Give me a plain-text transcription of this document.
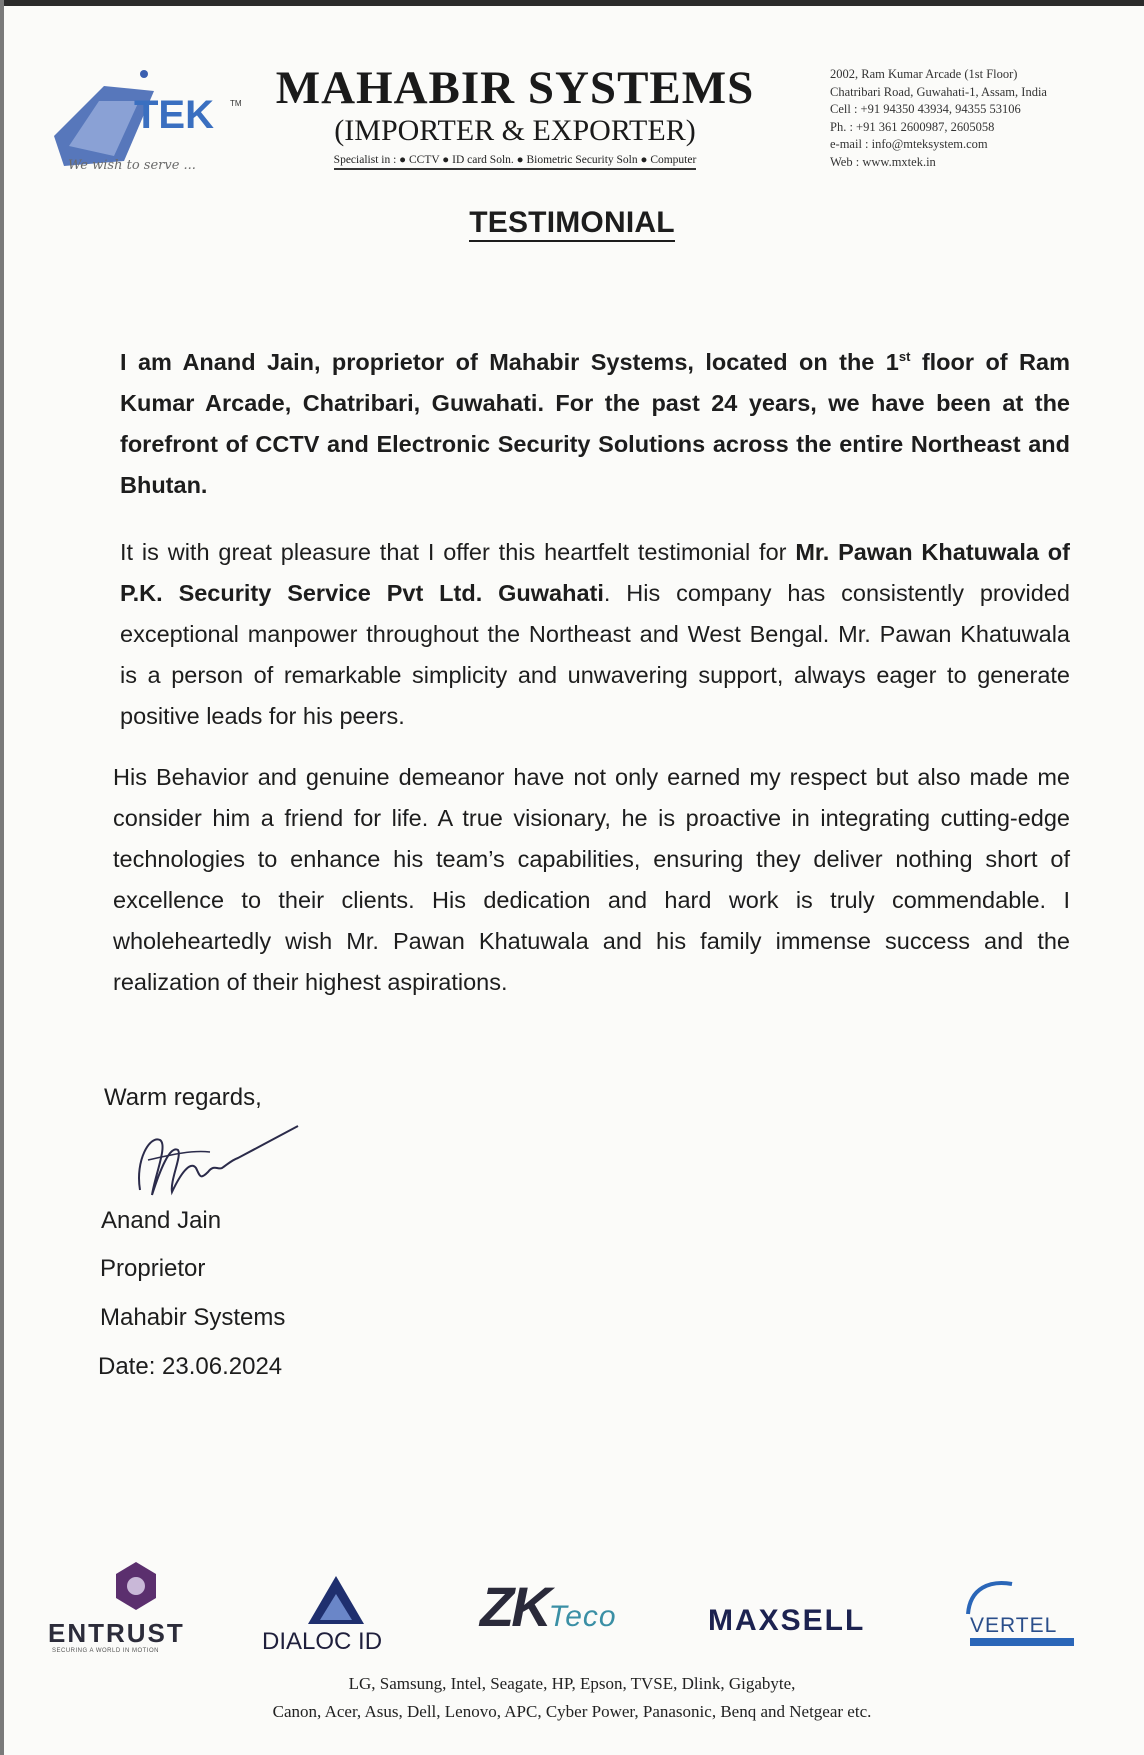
TEK TM
We wish to serve ...
MAHABIR SYSTEMS
(IMPORTER & EXPORTER)
Specialist in : ● CCTV ● ID card Soln. ● Biometric Security Soln ● Computer
2002, Ram Kumar Arcade (1st Floor)
Chatribari Road, Guwahati-1, Assam, India
Cell : +91 94350 43934, 94355 53106
Ph. : +91 361 2600987, 2605058
e-mail : info@mteksystem.com
Web : www.mxtek.in
TESTIMONIAL
I am Anand Jain, proprietor of Mahabir Systems, located on the 1st floor of Ram Kumar Arcade, Chatribari, Guwahati. For the past 24 years, we have been at the forefront of CCTV and Electronic Security Solutions across the entire Northeast and Bhutan.
It is with great pleasure that I offer this heartfelt testimonial for Mr. Pawan Khatuwala of P.K. Security Service Pvt Ltd. Guwahati. His company has consistently provided exceptional manpower throughout the Northeast and West Bengal. Mr. Pawan Khatuwala is a person of remarkable simplicity and unwavering support, always eager to generate positive leads for his peers.
His Behavior and genuine demeanor have not only earned my respect but also made me consider him a friend for life. A true visionary, he is proactive in integrating cutting-edge technologies to enhance his team’s capabilities, ensuring they deliver nothing short of excellence to their clients. His dedication and hard work is truly commendable. I wholeheartedly wish Mr. Pawan Khatuwala and his family immense success and the realization of their highest aspirations.
Warm regards,
Anand Jain
Proprietor
Mahabir Systems
Date: 23.06.2024
ENTRUST
SECURING A WORLD IN MOTION	DIALOC ID
ZKTeco	MAXSELL	VERTEL
LG, Samsung, Intel, Seagate, HP, Epson, TVSE, Dlink, Gigabyte,
Canon, Acer, Asus, Dell, Lenovo, APC, Cyber Power, Panasonic, Benq and Netgear etc.
